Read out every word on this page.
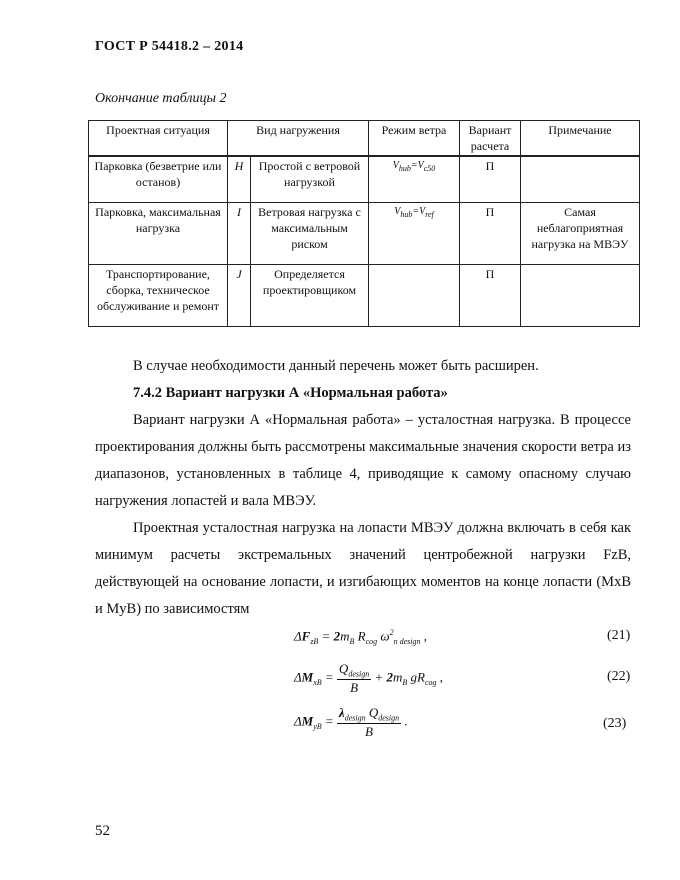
ГОСТ Р 54418.2 – 2014
Окончание таблицы 2
Проектная ситуация	Вид нагружения		Режим ветра	Вариант расчета	Примечание
Парковка (безветрие или останов)	H	Простой с ветровой нагрузкой	$V_{hub}=V_{c50}$	П	
Парковка, максимальная нагрузка	I	Ветровая нагрузка с максимальным риском	$V_{hub}=V_{ref}$	П	Самая неблагоприятная нагрузка на МВЭУ
Транспортирование, сборка, техническое обслуживание и ремонт	J	Определяется проектировщиком		П	
В случае необходимости данный перечень может быть расширен.
7.4.2 Вариант нагрузки А «Нормальная работа»
Вариант нагрузки А «Нормальная работа» – усталостная нагрузка. В процессе проектирования должны быть рассмотрены максимальные значения скорости ветра из диапазонов, установленных в таблице 4, приводящие к самому опасному случаю нагружения лопастей и вала МВЭУ.
Проектная усталостная нагрузка на лопасти МВЭУ должна включать в себя как минимум расчеты экстремальных значений центробежной нагрузки FzB, действующей на основание лопасти, и изгибающих моментов на конце лопасти (MxB и MyB) по зависимостям
$\Delta F_{zB} = 2m_B$ $R_{cog}$ $\omega^2_{n design}$ ,	(21)
$\Delta M_{xB} = \frac{Q_{design}}{B} + 2m_B$ $gR_{cog}$ ,	(22)
$\Delta M_{yB} = \frac{\lambda_{design} Q_{design}}{B}$ .	(23)
52
